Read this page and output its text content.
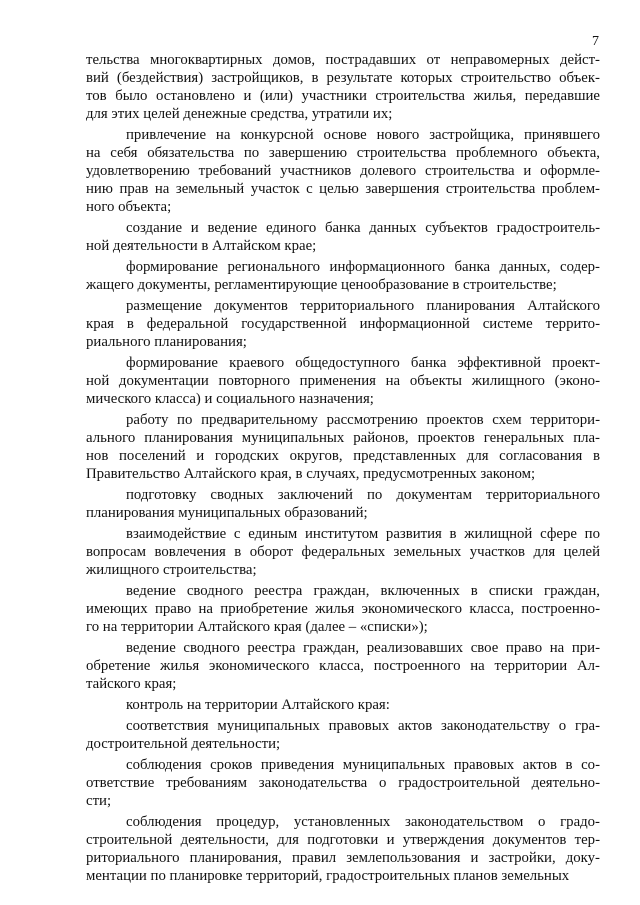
7
тельства многоквартирных домов, пострадавших от неправомерных дейст-
вий (бездействия) застройщиков, в результате которых строительство объек-
тов было остановлено и (или) участники строительства жилья, передавшие
для этих целей денежные средства, утратили их;
привлечение на конкурсной основе нового застройщика, принявшего
на себя обязательства по завершению строительства проблемного объекта,
удовлетворению требований участников долевого строительства и оформле-
нию прав на земельный участок с целью завершения строительства проблем-
ного объекта;
создание и ведение единого банка данных субъектов градостроитель-
ной деятельности в Алтайском крае;
формирование регионального информационного банка данных, содер-
жащего документы, регламентирующие ценообразование в строительстве;
размещение документов территориального планирования Алтайского
края в федеральной государственной информационной системе террито-
риального планирования;
формирование краевого общедоступного банка эффективной проект-
ной документации повторного применения на объекты жилищного (эконо-
мического класса) и социального назначения;
работу по предварительному рассмотрению проектов схем территори-
ального планирования муниципальных районов, проектов генеральных пла-
нов поселений и городских округов, представленных для согласования в
Правительство Алтайского края, в случаях, предусмотренных законом;
подготовку сводных заключений по документам территориального
планирования муниципальных образований;
взаимодействие с единым институтом развития в жилищной сфере по
вопросам вовлечения в оборот федеральных земельных участков для целей
жилищного строительства;
ведение сводного реестра граждан, включенных в списки граждан,
имеющих право на приобретение жилья экономического класса, построенно-
го на территории Алтайского края (далее – «списки»);
ведение сводного реестра граждан, реализовавших свое право на при-
обретение жилья экономического класса, построенного на территории Ал-
тайского края;
контроль на территории Алтайского края:
соответствия муниципальных правовых актов законодательству о гра-
достроительной деятельности;
соблюдения сроков приведения муниципальных правовых актов в со-
ответствие требованиям законодательства о градостроительной деятельно-
сти;
соблюдения процедур, установленных законодательством о градо-
строительной деятельности, для подготовки и утверждения документов тер-
риториального планирования, правил землепользования и застройки, доку-
ментации по планировке территорий, градостроительных планов земельных
